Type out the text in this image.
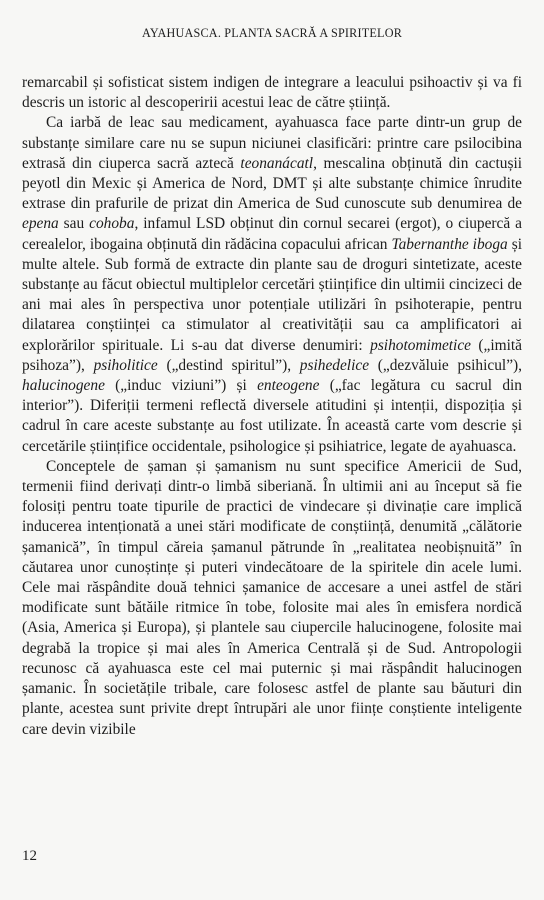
AYAHUASCA. PLANTA SACRĂ A SPIRITELOR

remarcabil și sofisticat sistem indigen de integrare a leacului psihoactiv și va fi descris un istoric al descoperirii acestui leac de către știință.

Ca iarbă de leac sau medicament, ayahuasca face parte dintr-un grup de substanțe similare care nu se supun niciunei clasificări: printre care psilocibina extrasă din ciuperca sacră aztecă teonanácatl, mescalina obținută din cactușii peyotl din Mexic și America de Nord, DMT și alte substanțe chimice înrudite extrase din prafurile de prizat din America de Sud cunoscute sub denumirea de epena sau cohoba, infamul LSD obținut din cornul secarei (ergot), o ciupercă a cerealelor, ibogaina obținută din rădăcina copacului african Tabernanthe iboga și multe altele. Sub formă de extracte din plante sau de droguri sintetizate, aceste substanțe au făcut obiectul multiplelor cercetări științifice din ultimii cincizeci de ani mai ales în perspectiva unor potențiale utilizări în psihoterapie, pentru dilatarea conștiinței ca stimulator al creativității sau ca amplificatori ai explorărilor spirituale. Li s-au dat diverse denumiri: psihotomimetice („imită psihoza”), psiholitice („destind spiritul”), psihedelice („dezvăluie psihicul”), halucinogene („induc viziuni”) și enteogene („fac legătura cu sacrul din interior”). Diferiții termeni reflectă diversele atitudini și intenții, dispoziția și cadrul în care aceste substanțe au fost utilizate. În această carte vom descrie și cercetările științifice occidentale, psihologice și psihiatrice, legate de ayahuasca.

Conceptele de șaman și șamanism nu sunt specifice Americii de Sud, termenii fiind derivați dintr-o limbă siberiană. În ultimii ani au început să fie folosiți pentru toate tipurile de practici de vindecare și divinație care implică inducerea intenționată a unei stări modificate de conștiință, denumită „călătorie șamanică”, în timpul căreia șamanul pătrunde în „realitatea neobișnuită” în căutarea unor cunoștințe și puteri vindecătoare de la spiritele din acele lumi. Cele mai răspândite două tehnici șamanice de accesare a unei astfel de stări modificate sunt bătăile ritmice în tobe, folosite mai ales în emisfera nordică (Asia, America și Europa), și plantele sau ciupercile halucinogene, folosite mai degrabă la tropice și mai ales în America Centrală și de Sud. Antropologii recunosc că ayahuasca este cel mai puternic și mai răspândit halucinogen șamanic. În societățile tribale, care folosesc astfel de plante sau băuturi din plante, acestea sunt privite drept întrupări ale unor ființe conștiente inteligente care devin vizibile

12
